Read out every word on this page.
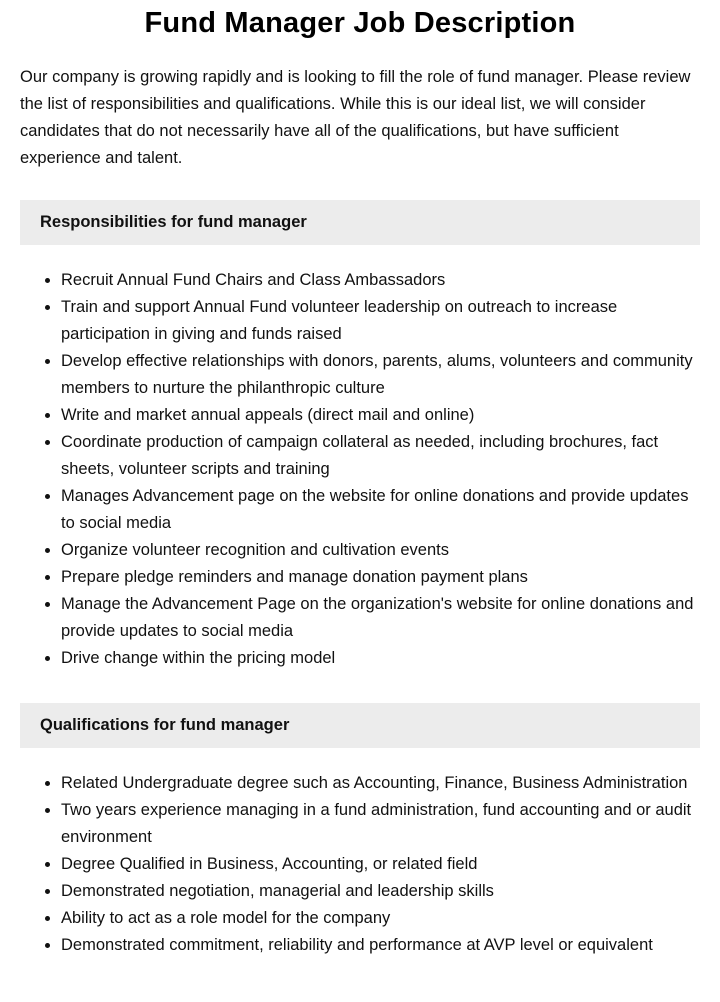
Fund Manager Job Description

Our company is growing rapidly and is looking to fill the role of fund manager. Please review the list of responsibilities and qualifications. While this is our ideal list, we will consider candidates that do not necessarily have all of the qualifications, but have sufficient experience and talent.

Responsibilities for fund manager
Recruit Annual Fund Chairs and Class Ambassadors
Train and support Annual Fund volunteer leadership on outreach to increase participation in giving and funds raised
Develop effective relationships with donors, parents, alums, volunteers and community members to nurture the philanthropic culture
Write and market annual appeals (direct mail and online)
Coordinate production of campaign collateral as needed, including brochures, fact sheets, volunteer scripts and training
Manages Advancement page on the website for online donations and provide updates to social media
Organize volunteer recognition and cultivation events
Prepare pledge reminders and manage donation payment plans
Manage the Advancement Page on the organization's website for online donations and provide updates to social media
Drive change within the pricing model
Qualifications for fund manager
Related Undergraduate degree such as Accounting, Finance, Business Administration
Two years experience managing in a fund administration, fund accounting and or audit environment
Degree Qualified in Business, Accounting, or related field
Demonstrated negotiation, managerial and leadership skills
Ability to act as a role model for the company
Demonstrated commitment, reliability and performance at AVP level or equivalent
